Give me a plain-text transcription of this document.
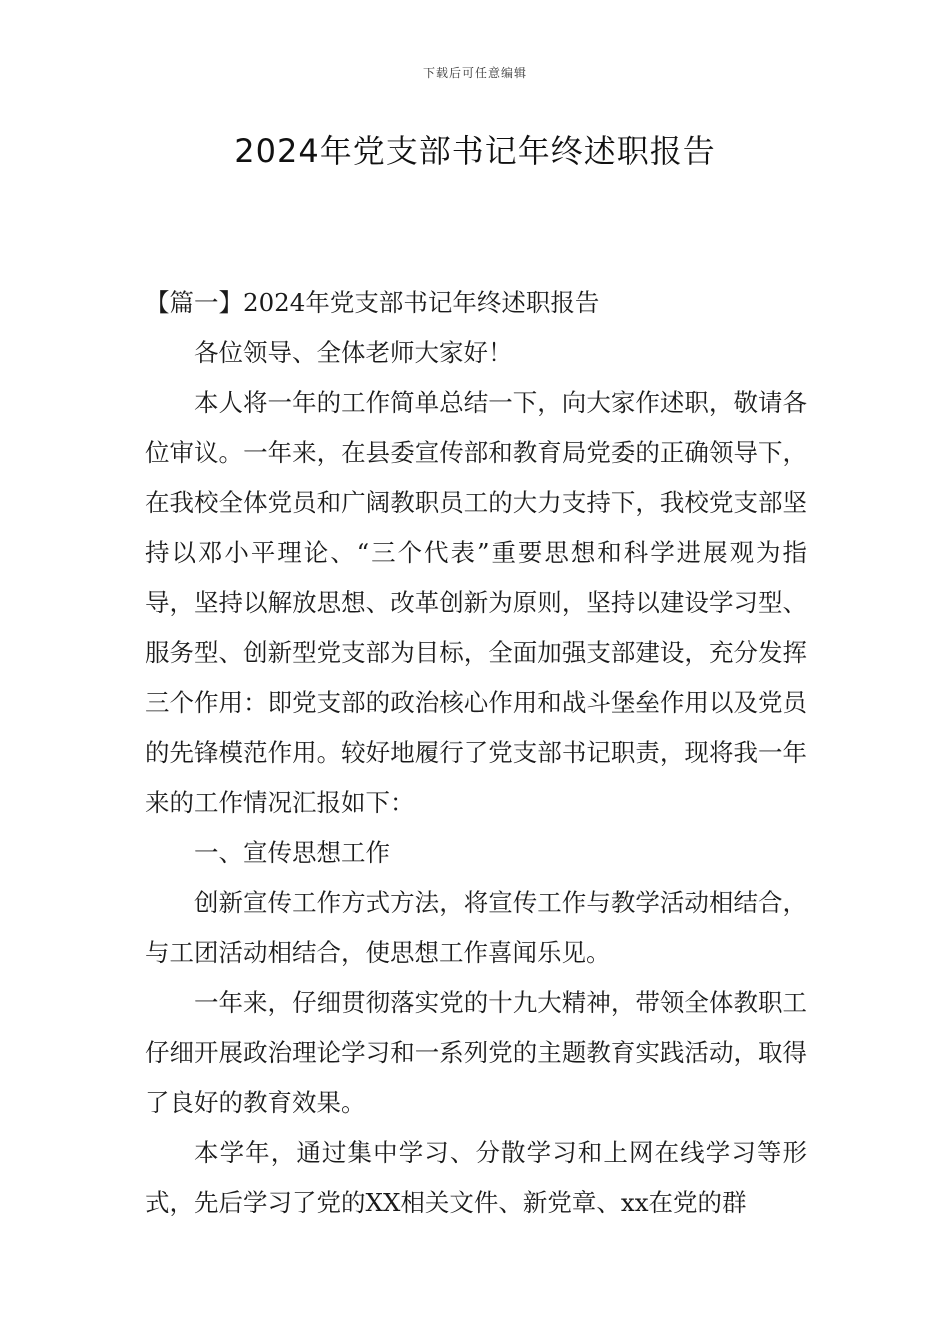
下载后可任意编辑
2024年党支部书记年终述职报告

【篇一】2024年党支部书记年终述职报告

各位领导、全体老师大家好！

本人将一年的工作简单总结一下，向大家作述职，敬请各位审议。一年来，在县委宣传部和教育局党委的正确领导下，在我校全体党员和广阔教职员工的大力支持下，我校党支部坚持以邓小平理论、“三个代表”重要思想和科学进展观为指导，坚持以解放思想、改革创新为原则，坚持以建设学习型、服务型、创新型党支部为目标，全面加强支部建设，充分发挥三个作用：即党支部的政治核心作用和战斗堡垒作用以及党员的先锋模范作用。较好地履行了党支部书记职责，现将我一年来的工作情况汇报如下：

一、宣传思想工作

创新宣传工作方式方法，将宣传工作与教学活动相结合，与工团活动相结合，使思想工作喜闻乐见。

一年来，仔细贯彻落实党的十九大精神，带领全体教职工仔细开展政治理论学习和一系列党的主题教育实践活动，取得了良好的教育效果。

本学年，通过集中学习、分散学习和上网在线学习等形式，先后学习了党的XX相关文件、新党章、xx在党的群
